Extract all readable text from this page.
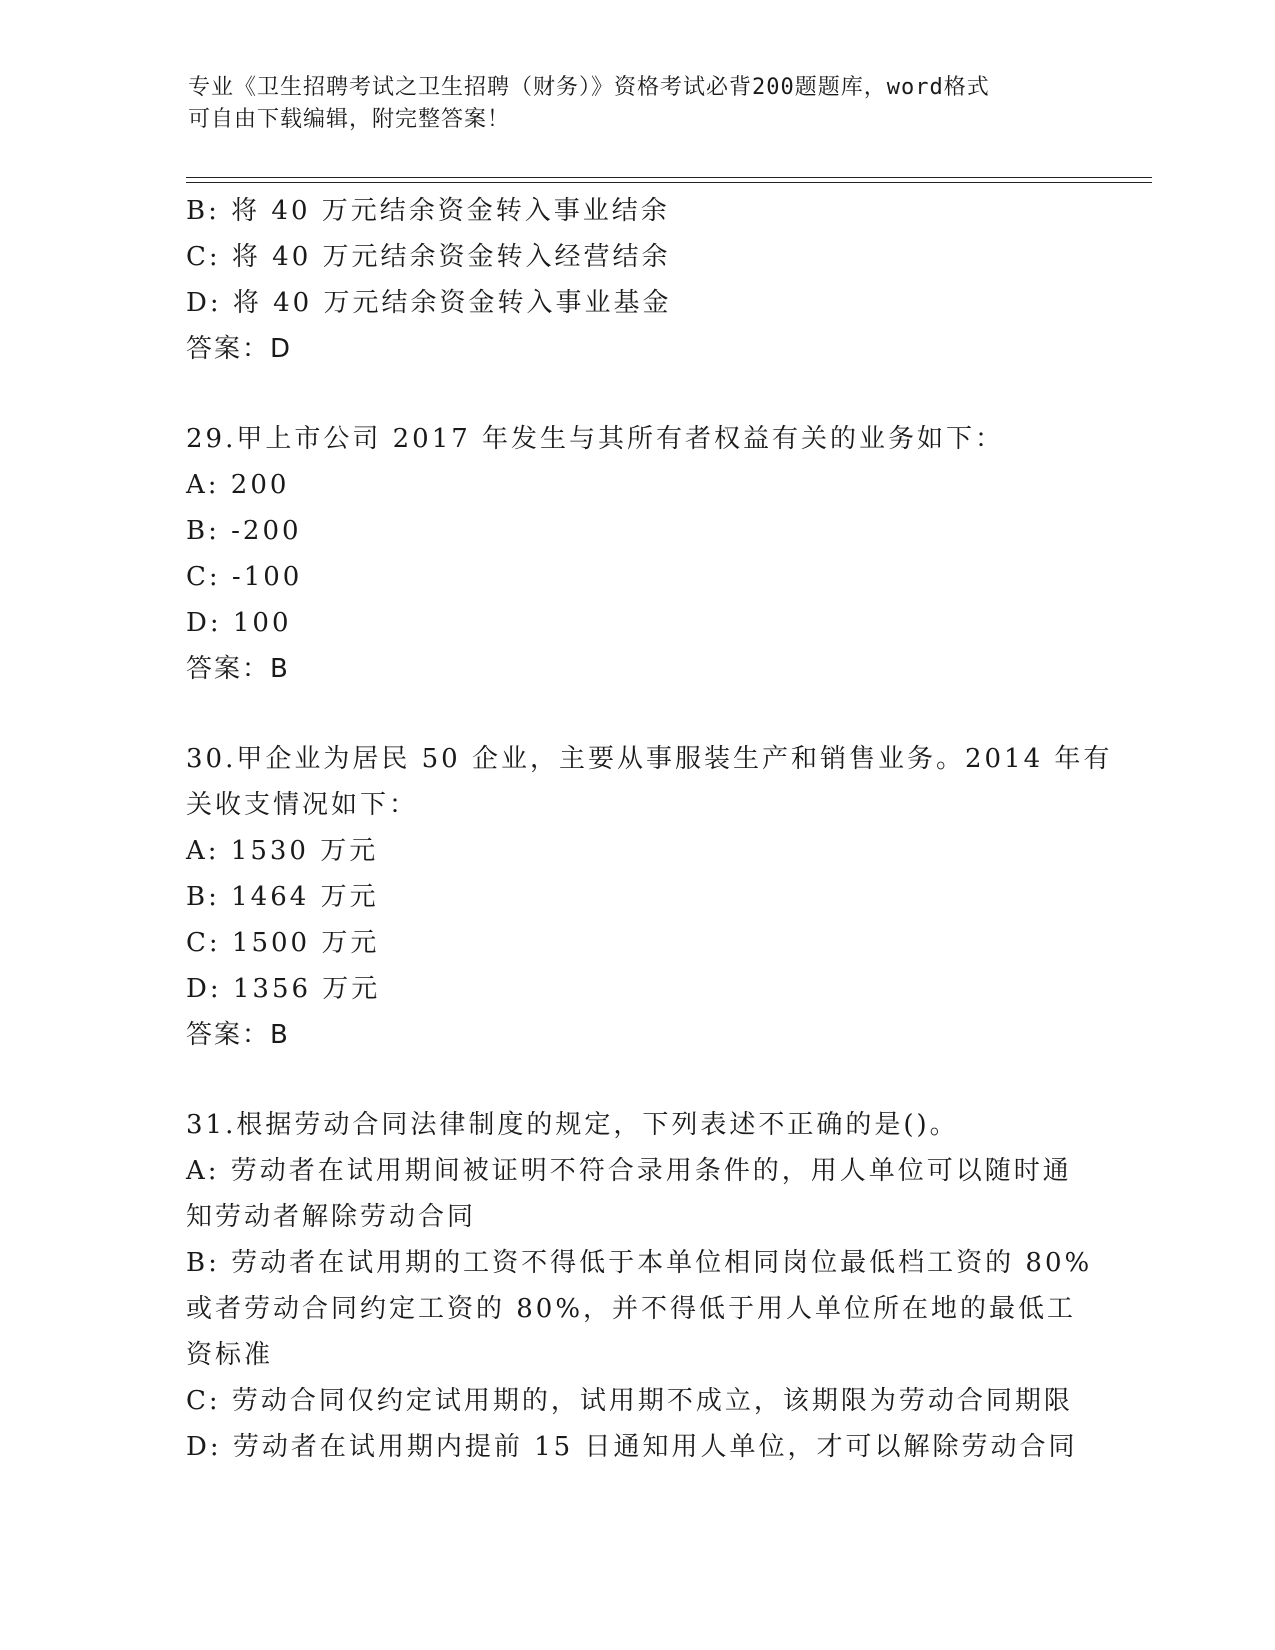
专业《卫生招聘考试之卫生招聘（财务）》资格考试必背200题题库，word格式
可自由下载编辑，附完整答案！
B: 将 40 万元结余资金转入事业结余
C: 将 40 万元结余资金转入经营结余
D: 将 40 万元结余资金转入事业基金
答案：D
29.甲上市公司 2017 年发生与其所有者权益有关的业务如下：
A: 200
B: -200
C: -100
D: 100
答案：B
30.甲企业为居民 50 企业，主要从事服装生产和销售业务。2014 年有
关收支情况如下：
A: 1530 万元
B: 1464 万元
C: 1500 万元
D: 1356 万元
答案：B
31.根据劳动合同法律制度的规定，下列表述不正确的是()。
A: 劳动者在试用期间被证明不符合录用条件的，用人单位可以随时通
知劳动者解除劳动合同
B: 劳动者在试用期的工资不得低于本单位相同岗位最低档工资的 80%
或者劳动合同约定工资的 80%，并不得低于用人单位所在地的最低工
资标准
C: 劳动合同仅约定试用期的，试用期不成立，该期限为劳动合同期限
D: 劳动者在试用期内提前 15 日通知用人单位，才可以解除劳动合同
